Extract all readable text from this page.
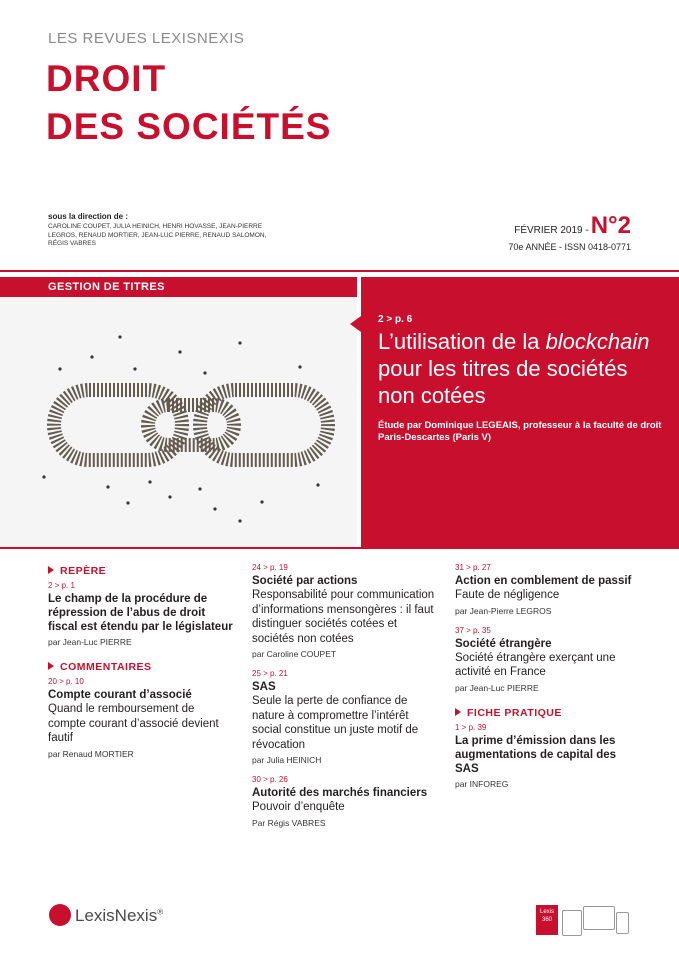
LES REVUES LEXISNEXIS
DROIT
DES SOCIÉTÉS
sous la direction de :
CAROLINE COUPET, JULIA HEINICH, HENRI HOVASSE, JEAN-PIERRE LEGROS, RENAUD MORTIER, JEAN-LUC PIERRE, RENAUD SALOMON, RÉGIS VABRES
FÉVRIER 2019 -N°2
70e ANNÉE - ISSN 0418-0771
GESTION DE TITRES
2 > p. 6
L’utilisation de la blockchain pour les titres de sociétés non cotées
Étude par Dominique LEGEAIS, professeur à la faculté de droit Paris-Descartes (Paris V)
REPÈRE
2 > p. 1
Le champ de la procédure de répression de l’abus de droit fiscal est étendu par le législateur
par Jean-Luc PIERRE
COMMENTAIRES
20 > p. 10
Compte courant d’associé
Quand le remboursement de compte courant d’associé devient fautif
par Renaud MORTIER
24 > p. 19
Société par actions
Responsabilité pour communication d’informations mensongères : il faut distinguer sociétés cotées et sociétés non cotées
par Caroline COUPET
25 > p. 21
SAS
Seule la perte de confiance de nature à compromettre l’intérêt social constitue un juste motif de révocation
par Julia HEINICH
30 > p. 26
Autorité des marchés financiers
Pouvoir d’enquête
Par Régis VABRES
31 > p. 27
Action en comblement de passif
Faute de négligence
par Jean-Pierre LEGROS
37 > p. 35
Société étrangère
Société étrangère exerçant une activité en France
par Jean-Luc PIERRE
FICHE PRATIQUE
1 > p. 39
La prime d’émission dans les augmentations de capital des SAS
par INFOREG
LexisNexis®	Lexis 360
